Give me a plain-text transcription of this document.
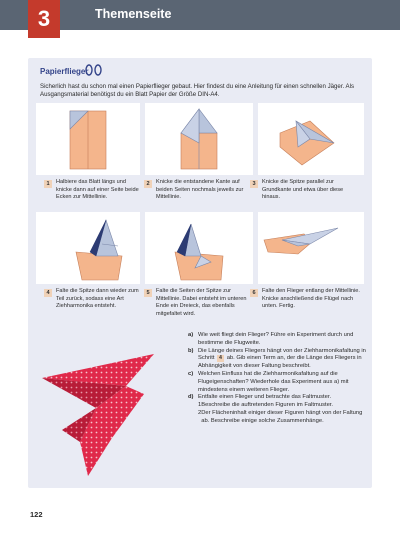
3	Themenseite
Papierflieger
Sicherlich hast du schon mal einen Papierflieger gebaut. Hier findest du eine Anleitung für einen schnellen Jäger. Als Ausgangsmaterial benötigst du ein Blatt Papier der Größe DIN-A4.
1	Halbiere das Blatt längs und knicke dann auf einer Seite beide Ecken zur Mittellinie.
2	Knicke die entstandene Kante auf beiden Seiten nochmals jeweils zur Mittellinie.
3	Knicke die Spitze parallel zur Grundkante und etwa über diese hinaus.
4	Falte die Spitze dann wieder zum Teil zurück, sodass eine Art Ziehharmonika entsteht.
5	Falte die Seiten der Spitze zur Mittellinie. Dabei entsteht im unteren Ende ein Dreieck, das ebenfalls mitgefaltet wird.
6	Falte den Flieger entlang der Mittellinie. Knicke anschließend die Flügel nach unten. Fertig.
a) Wie weit fliegt dein Flieger? Führe ein Experiment durch und bestimme die Flugweite.
b) Die Länge deines Fliegers hängt von der Ziehharmonikafaltung in Schritt 4 ab. Gib einen Term an, der die Länge des Fliegers in Abhängigkeit von dieser Faltung beschreibt.
c) Welchen Einfluss hat die Ziehharmonikafaltung auf die Flugeigenschaften? Wiederhole das Experiment aus a) mit mindestens einem weiteren Flieger.
d) Entfalte einen Flieger und betrachte das Faltmuster.
1 Beschreibe die auftretenden Figuren im Faltmuster.
2 Der Flächeninhalt einiger dieser Figuren hängt von der Faltung ab. Beschreibe einige solche Zusammenhänge.
122
